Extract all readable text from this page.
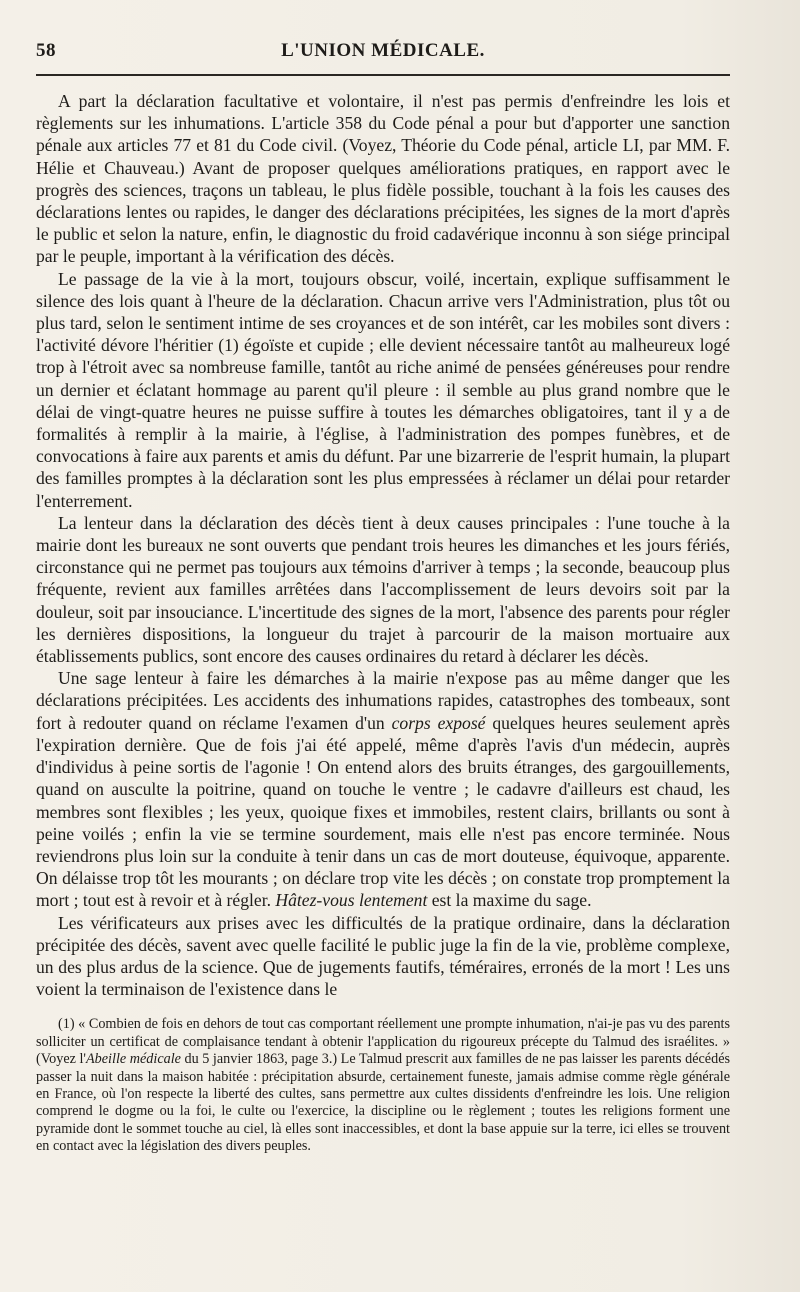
58	L'UNION MÉDICALE.

A part la déclaration facultative et volontaire, il n'est pas permis d'enfreindre les lois et règlements sur les inhumations. L'article 358 du Code pénal a pour but d'apporter une sanction pénale aux articles 77 et 81 du Code civil. (Voyez, Théorie du Code pénal, article LI, par MM. F. Hélie et Chauveau.) Avant de proposer quelques améliorations pratiques, en rapport avec le progrès des sciences, traçons un tableau, le plus fidèle possible, touchant à la fois les causes des déclarations lentes ou rapides, le danger des déclarations précipitées, les signes de la mort d'après le public et selon la nature, enfin, le diagnostic du froid cadavérique inconnu à son siége principal par le peuple, important à la vérification des décès.

Le passage de la vie à la mort, toujours obscur, voilé, incertain, explique suffisamment le silence des lois quant à l'heure de la déclaration. Chacun arrive vers l'Administration, plus tôt ou plus tard, selon le sentiment intime de ses croyances et de son intérêt, car les mobiles sont divers : l'activité dévore l'héritier (1) égoïste et cupide ; elle devient nécessaire tantôt au malheureux logé trop à l'étroit avec sa nombreuse famille, tantôt au riche animé de pensées généreuses pour rendre un dernier et éclatant hommage au parent qu'il pleure : il semble au plus grand nombre que le délai de vingt-quatre heures ne puisse suffire à toutes les démarches obligatoires, tant il y a de formalités à remplir à la mairie, à l'église, à l'administration des pompes funèbres, et de convocations à faire aux parents et amis du défunt. Par une bizarrerie de l'esprit humain, la plupart des familles promptes à la déclaration sont les plus empressées à réclamer un délai pour retarder l'enterrement.

La lenteur dans la déclaration des décès tient à deux causes principales : l'une touche à la mairie dont les bureaux ne sont ouverts que pendant trois heures les dimanches et les jours fériés, circonstance qui ne permet pas toujours aux témoins d'arriver à temps ; la seconde, beaucoup plus fréquente, revient aux familles arrêtées dans l'accomplissement de leurs devoirs soit par la douleur, soit par insouciance. L'incertitude des signes de la mort, l'absence des parents pour régler les dernières dispositions, la longueur du trajet à parcourir de la maison mortuaire aux établissements publics, sont encore des causes ordinaires du retard à déclarer les décès.

Une sage lenteur à faire les démarches à la mairie n'expose pas au même danger que les déclarations précipitées. Les accidents des inhumations rapides, catastrophes des tombeaux, sont fort à redouter quand on réclame l'examen d'un corps exposé quelques heures seulement après l'expiration dernière. Que de fois j'ai été appelé, même d'après l'avis d'un médecin, auprès d'individus à peine sortis de l'agonie ! On entend alors des bruits étranges, des gargouillements, quand on ausculte la poitrine, quand on touche le ventre ; le cadavre d'ailleurs est chaud, les membres sont flexibles ; les yeux, quoique fixes et immobiles, restent clairs, brillants ou sont à peine voilés ; enfin la vie se termine sourdement, mais elle n'est pas encore terminée. Nous reviendrons plus loin sur la conduite à tenir dans un cas de mort douteuse, équivoque, apparente. On délaisse trop tôt les mourants ; on déclare trop vite les décès ; on constate trop promptement la mort ; tout est à revoir et à régler. Hâtez-vous lentement est la maxime du sage.

Les vérificateurs aux prises avec les difficultés de la pratique ordinaire, dans la déclaration précipitée des décès, savent avec quelle facilité le public juge la fin de la vie, problème complexe, un des plus ardus de la science. Que de jugements fautifs, téméraires, erronés de la mort ! Les uns voient la terminaison de l'existence dans le

(1) « Combien de fois en dehors de tout cas comportant réellement une prompte inhumation, n'ai-je pas vu des parents solliciter un certificat de complaisance tendant à obtenir l'application du rigoureux précepte du Talmud des israélites. » (Voyez l'Abeille médicale du 5 janvier 1863, page 3.) Le Talmud prescrit aux familles de ne pas laisser les parents décédés passer la nuit dans la maison habitée : précipitation absurde, certainement funeste, jamais admise comme règle générale en France, où l'on respecte la liberté des cultes, sans permettre aux cultes dissidents d'enfreindre les lois. Une religion comprend le dogme ou la foi, le culte ou l'exercice, la discipline ou le règlement ; toutes les religions forment une pyramide dont le sommet touche au ciel, là elles sont inaccessibles, et dont la base appuie sur la terre, ici elles se trouvent en contact avec la législation des divers peuples.
